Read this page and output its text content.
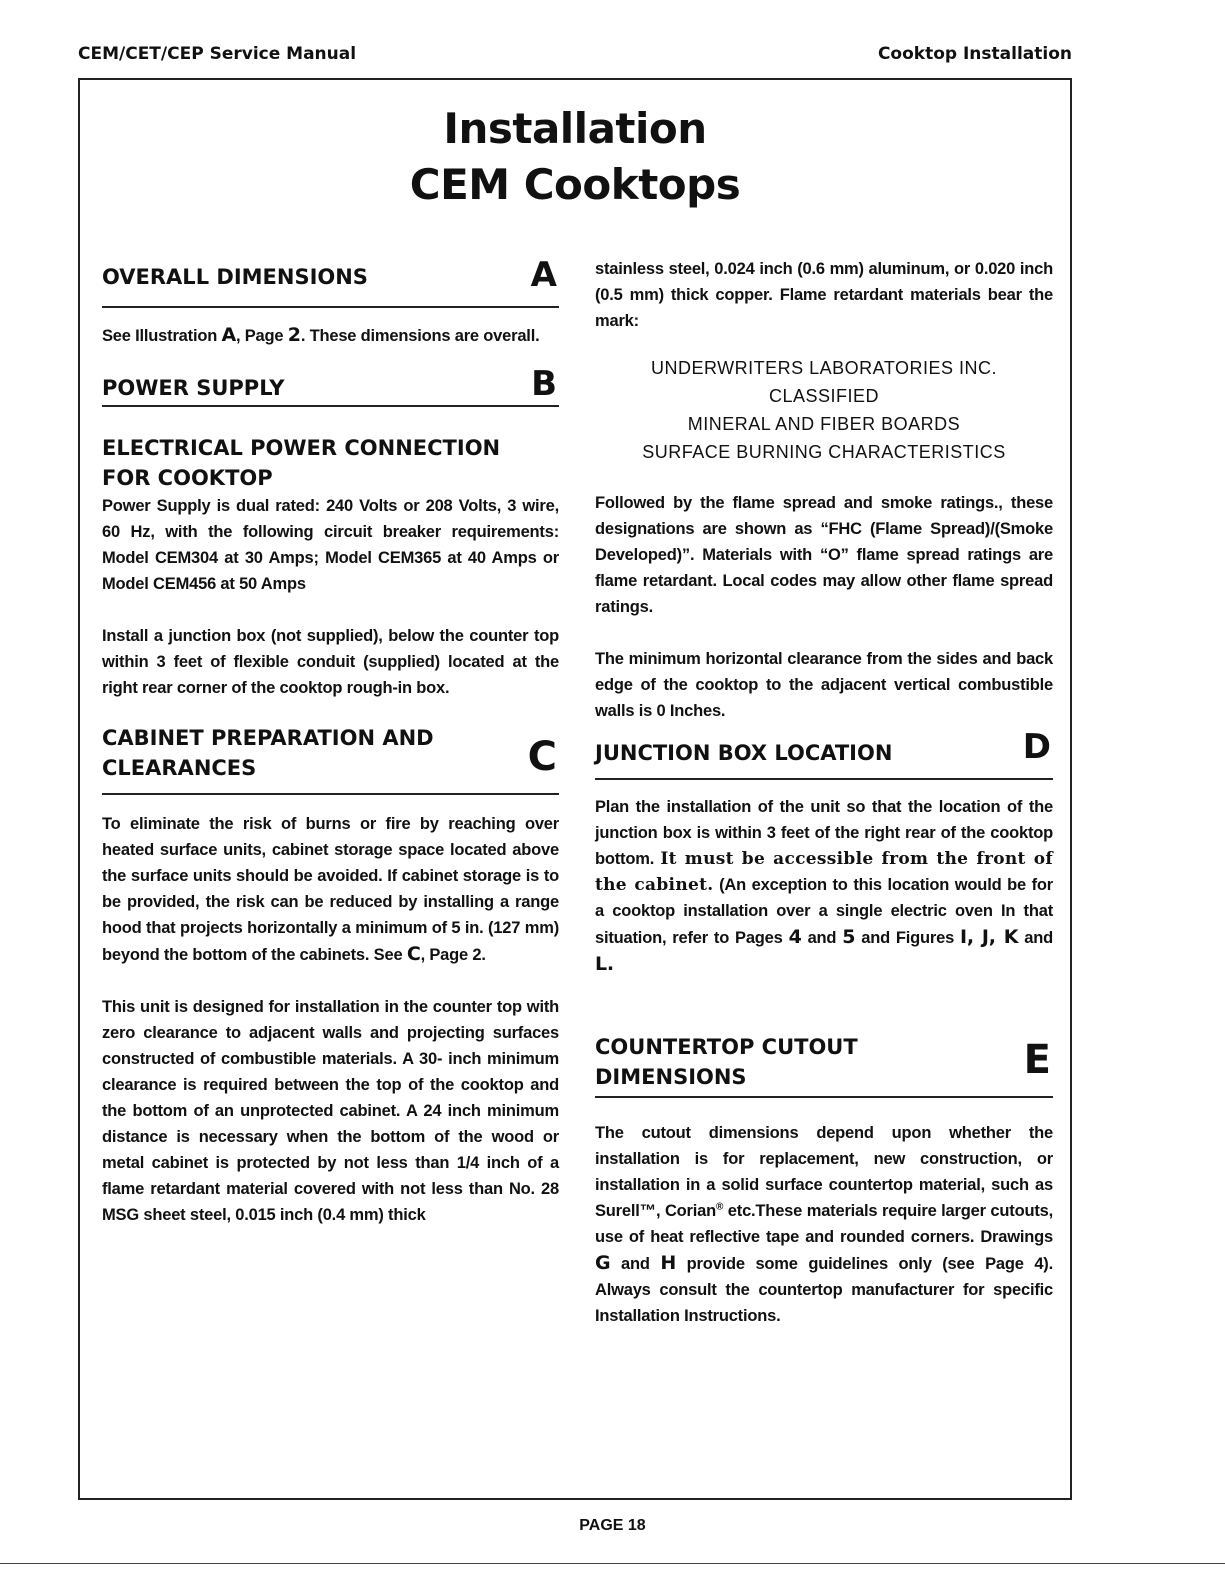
CEM/CET/CEP Service Manual	Cooktop Installation
Installation
CEM Cooktops
OVERALL DIMENSIONS	A

See Illustration A, Page 2. These dimensions are overall.

POWER SUPPLY	B
ELECTRICAL POWER CONNECTION
FOR COOKTOP

Power Supply is dual rated: 240 Volts or 208 Volts, 3 wire, 60 Hz, with the following circuit breaker requirements: Model CEM304 at 30 Amps; Model CEM365 at 40 Amps or Model CEM456 at 50 Amps

Install a junction box (not supplied), below the counter top within 3 feet of flexible conduit (supplied) located at the right rear corner of the cooktop rough-in box.

CABINET PREPARATION AND
CLEARANCES	C

To eliminate the risk of burns or fire by reaching over heated surface units, cabinet storage space located above the surface units should be avoided. If cabinet storage is to be provided, the risk can be reduced by installing a range hood that projects horizontally a minimum of 5 in. (127 mm) beyond the bottom of the cabinets. See C, Page 2.

This unit is designed for installation in the counter top with zero clearance to adjacent walls and projecting surfaces constructed of combustible materials. A 30- inch minimum clearance is required between the top of the cooktop and the bottom of an unprotected cabinet. A 24 inch minimum distance is necessary when the bottom of the wood or metal cabinet is protected by not less than 1/4 inch of a flame retardant material covered with not less than No. 28 MSG sheet steel, 0.015 inch (0.4 mm) thick

stainless steel, 0.024 inch (0.6 mm) aluminum, or 0.020 inch (0.5 mm) thick copper. Flame retardant materials bear the mark:

UNDERWRITERS LABORATORIES INC.

CLASSIFIED

MINERAL AND FIBER BOARDS

SURFACE BURNING CHARACTERISTICS

Followed by the flame spread and smoke ratings., these designations are shown as “FHC (Flame Spread)/(Smoke Developed)”. Materials with “O” flame spread ratings are flame retardant. Local codes may allow other flame spread ratings.

The minimum horizontal clearance from the sides and back edge of the cooktop to the adjacent vertical combustible walls is 0 Inches.

JUNCTION BOX LOCATION	D

Plan the installation of the unit so that the location of the junction box is within 3 feet of the right rear of the cooktop bottom. It must be accessible from the front of the cabinet. (An exception to this location would be for a cooktop installation over a single electric oven In that situation, refer to Pages 4 and 5 and Figures I, J, K and L.

COUNTERTOP CUTOUT
DIMENSIONS	E

The cutout dimensions depend upon whether the installation is for replacement, new construction, or installation in a solid surface countertop material, such as Surell™, Corian® etc.These materials require larger cutouts, use of heat reflective tape and rounded corners. Drawings G and H provide some guidelines only (see Page 4). Always consult the countertop manufacturer for specific Installation Instructions.

PAGE 18
